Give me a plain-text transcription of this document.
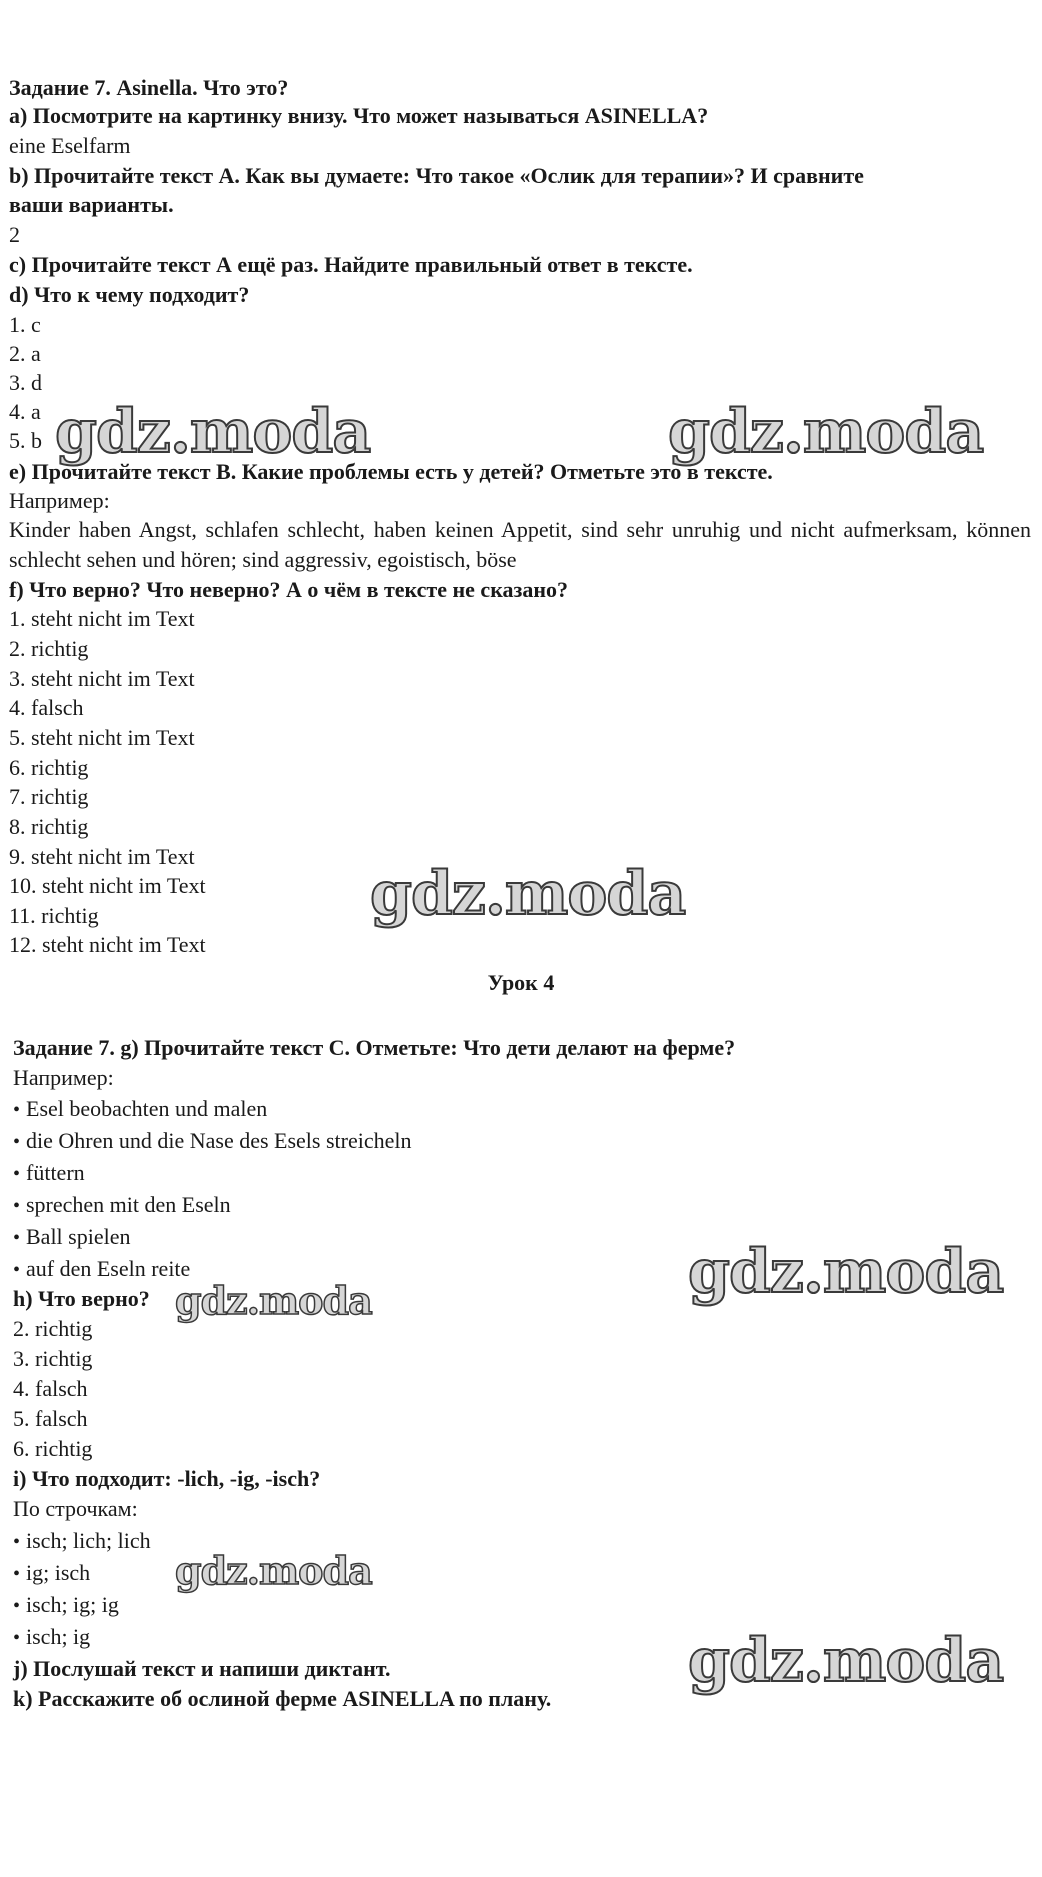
Задание 7. Asinella. Что это?
a) Посмотрите на картинку внизу. Что может называться ASINELLA?
eine Eselfarm
b) Прочитайте текст А. Как вы думаете: Что такое «Ослик для терапии»? И сравните
ваши варианты.
2
c) Прочитайте текст А ещё раз. Найдите правильный ответ в тексте.
d) Что к чему подходит?
1. c
2. a
3. d
4. a
5. b
e) Прочитайте текст В. Какие проблемы есть у детей? Отметьте это в тексте.
Например:
Kinder haben Angst, schlafen schlecht, haben keinen Appetit, sind sehr unruhig und nicht aufmerksam, können schlecht sehen und hören; sind aggressiv, egoistisch, böse
f) Что верно? Что неверно? А о чём в тексте не сказано?
1. steht nicht im Text
2. richtig
3. steht nicht im Text
4. falsch
5. steht nicht im Text
6. richtig
7. richtig
8. richtig
9. steht nicht im Text
10. steht nicht im Text
11. richtig
12. steht nicht im Text
Урок 4
Задание 7. g) Прочитайте текст С. Отметьте: Что дети делают на ферме?
Например:
• Esel beobachten und malen
• die Ohren und die Nase des Esels streicheln
• füttern
• sprechen mit den Eseln
• Ball spielen
• auf den Eseln reite
h) Что верно?
2. richtig
3. richtig
4. falsch
5. falsch
6. richtig
i) Что подходит: -lich, -ig, -isch?
По строчкам:
• isch; lich; lich
• ig; isch
• isch; ig; ig
• isch; ig
j) Послушай текст и напиши диктант.
k) Расскажите об ослиной ферме ASINELLA по плану.
gdz.moda	gdz.moda
gdz.moda
gdz.moda
gdz.moda
gdz.moda
gdz.moda
